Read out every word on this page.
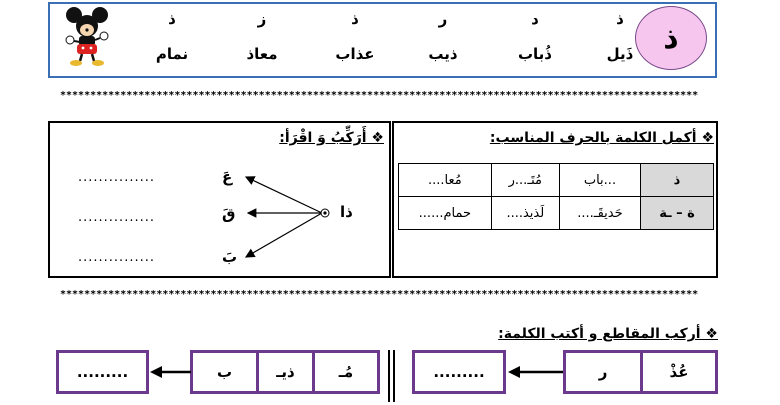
ذ
ذ
د
ر
ذ
ز
ذ
ذَيل
ذُباب
ذيب
عذاب
معاذ
نمام
**********************************************************************************************************
❖ أكمل الكلمة بالحرف المناسب:
ذ	...باب	مُتَـ...ر	مُعا....
ة – ـة	حَديقَـ....	لَذيذ....	حمام......
❖ أَرَكِّبُ وَ اقْرَأ:
ذا
عَ
قَ
بَ
...............
...............
...............
**********************************************************************************************************
❖ أركب المقاطع و أكتب الكلمة:
عُذْ
ر
.........
مُـ
ذيـ
ب
.........
